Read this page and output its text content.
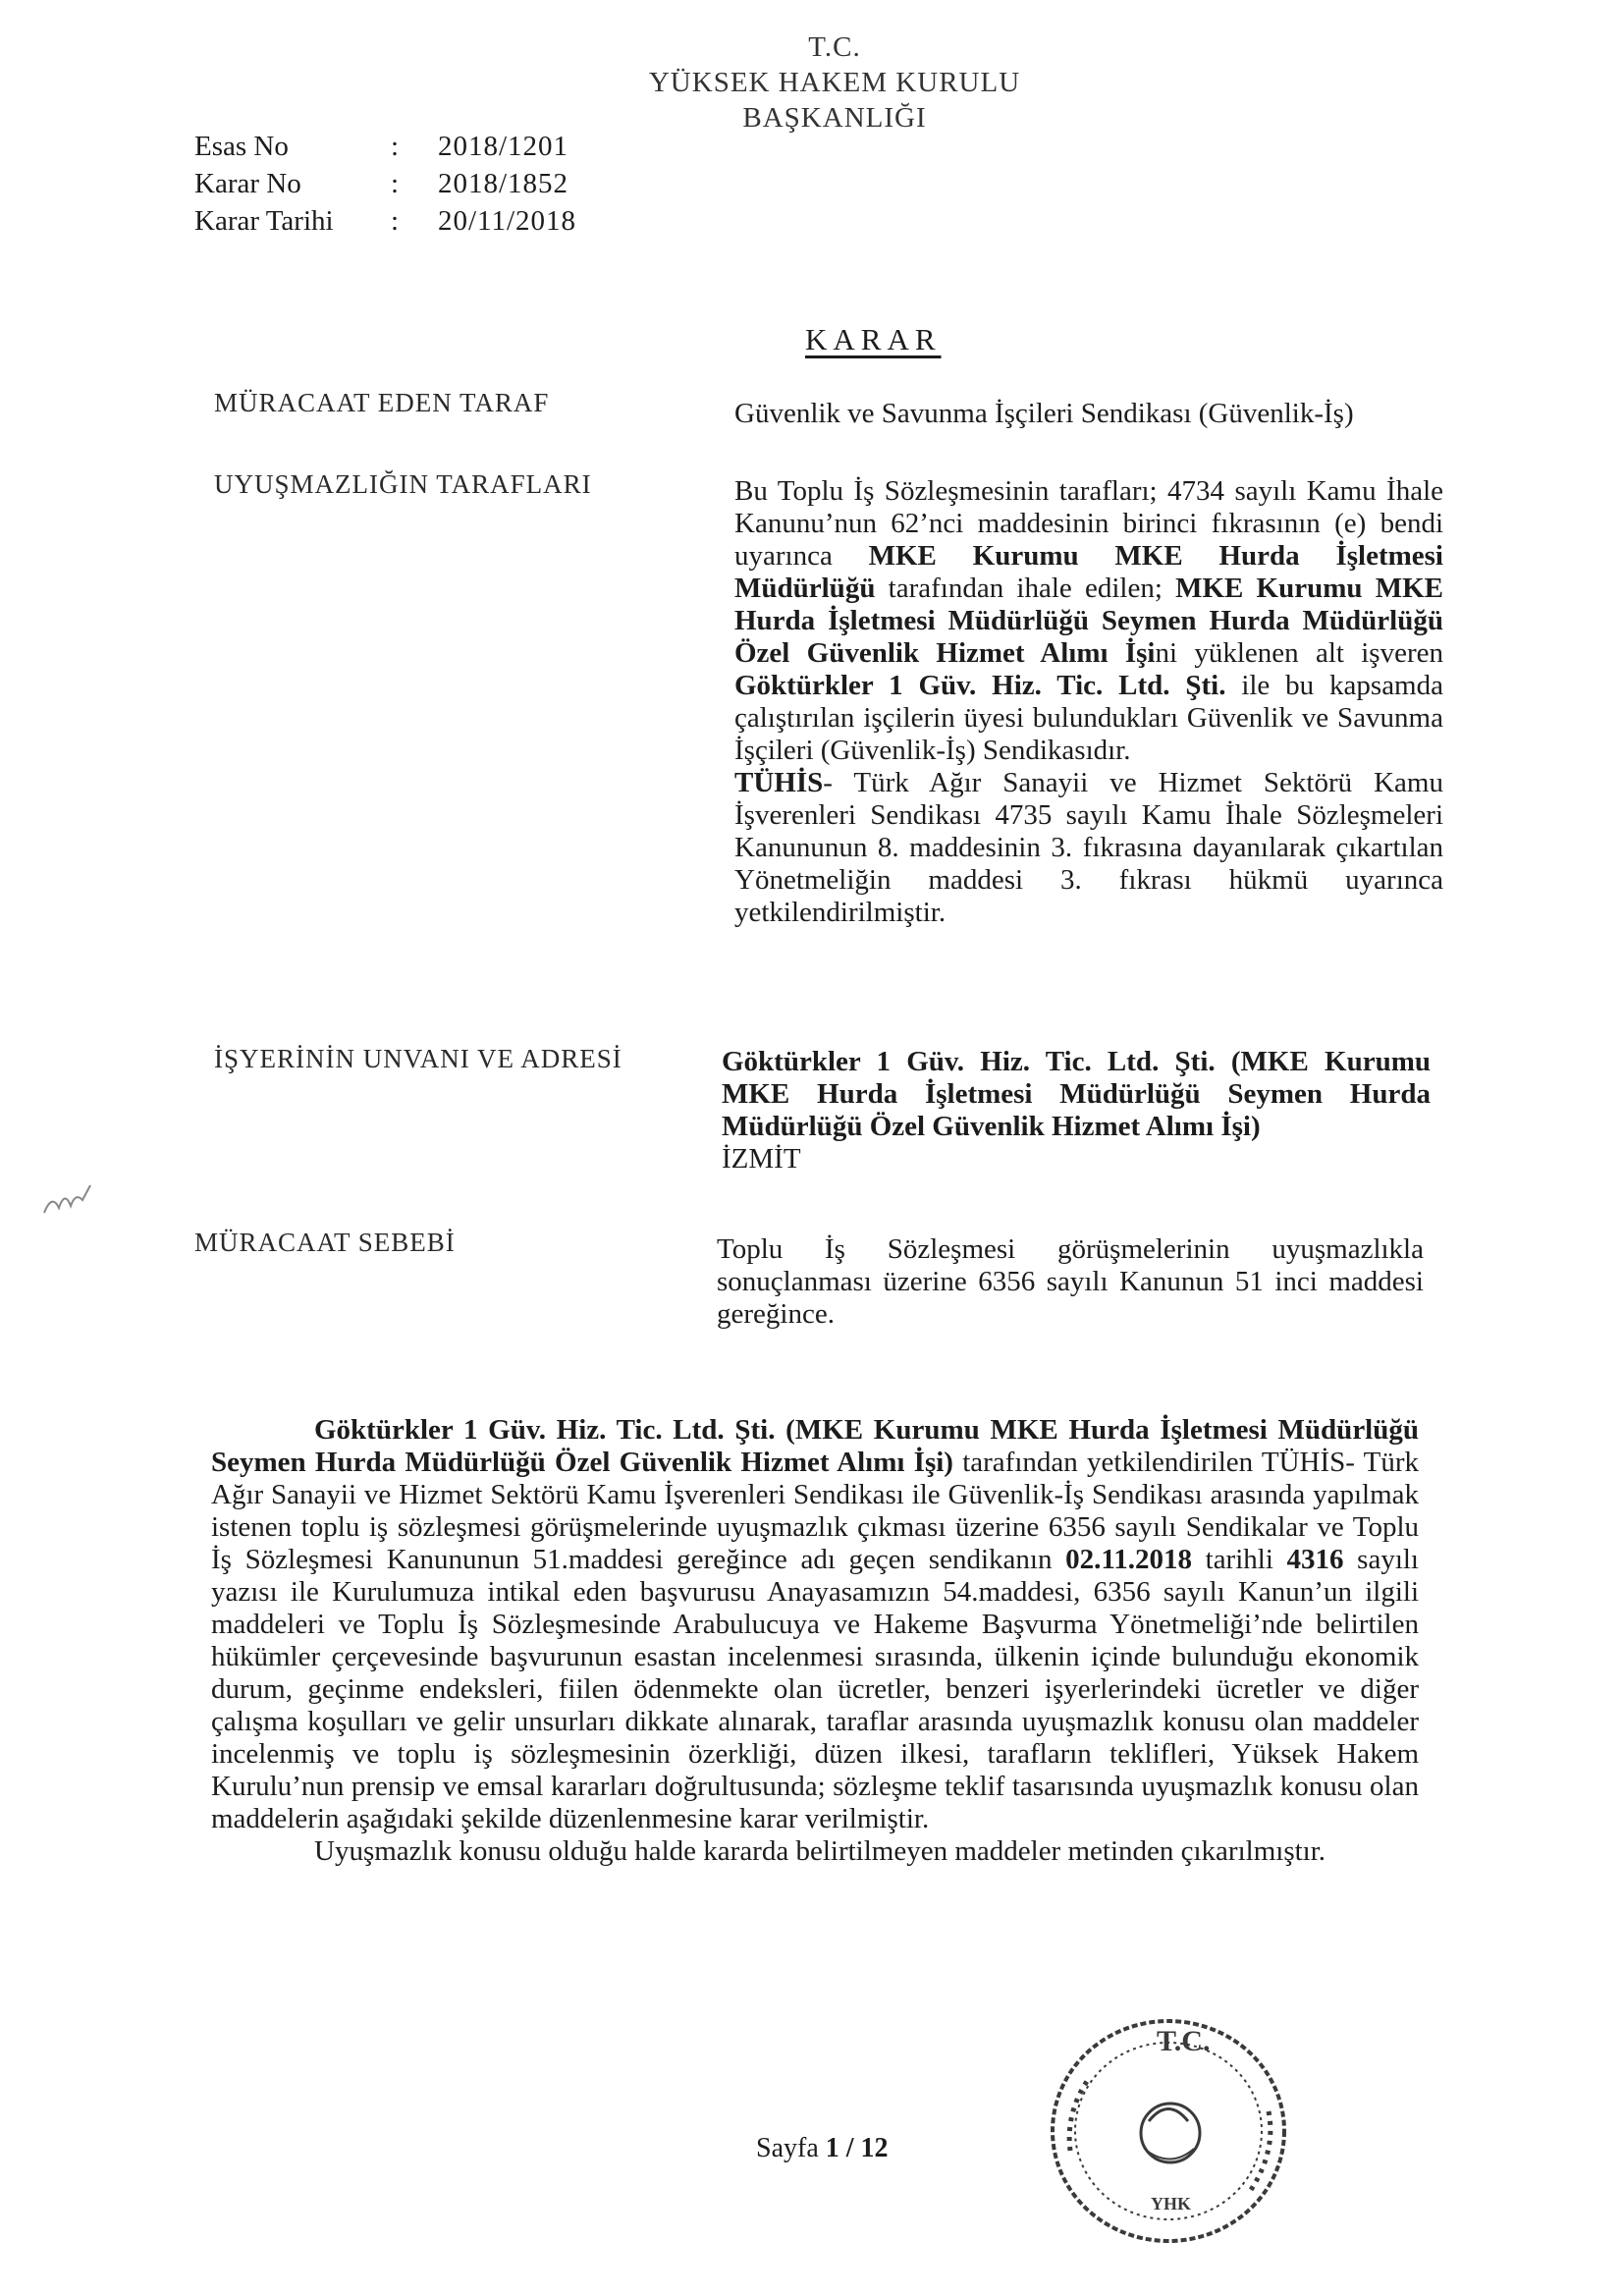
T.C.
YÜKSEK HAKEM KURULU
BAŞKANLIĞI
Esas No	:	2018/1201
Karar No	:	2018/1852
Karar Tarihi	:	20/11/2018
KARAR
MÜRACAAT EDEN TARAF	Güvenlik ve Savunma İşçileri Sendikası (Güvenlik-İş)
UYUŞMAZLIĞIN TARAFLARI	Bu Toplu İş Sözleşmesinin tarafları; 4734 sayılı Kamu İhale Kanunu’nun 62’nci maddesinin birinci fıkrasının (e) bendi uyarınca MKE Kurumu MKE Hurda İşletmesi Müdürlüğü tarafından ihale edilen; MKE Kurumu MKE Hurda İşletmesi Müdürlüğü Seymen Hurda Müdürlüğü Özel Güvenlik Hizmet Alımı İşini yüklenen alt işveren Göktürkler 1 Güv. Hiz. Tic. Ltd. Şti. ile bu kapsamda çalıştırılan işçilerin üyesi bulundukları Güvenlik ve Savunma İşçileri (Güvenlik-İş) Sendikasıdır.

TÜHİS- Türk Ağır Sanayii ve Hizmet Sektörü Kamu İşverenleri Sendikası 4735 sayılı Kamu İhale Sözleşmeleri Kanununun 8. maddesinin 3. fıkrasına dayanılarak çıkartılan Yönetmeliğin maddesi 3. fıkrası hükmü uyarınca yetkilendirilmiştir.

İŞYERİNİN UNVANI VE ADRESİ	Göktürkler 1 Güv. Hiz. Tic. Ltd. Şti. (MKE Kurumu MKE Hurda İşletmesi Müdürlüğü Seymen Hurda Müdürlüğü Özel Güvenlik Hizmet Alımı İşi)

İZMİT

MÜRACAAT SEBEBİ	Toplu İş Sözleşmesi görüşmelerinin uyuşmazlıkla sonuçlanması üzerine 6356 sayılı Kanunun 51 inci maddesi gereğince.

Göktürkler 1 Güv. Hiz. Tic. Ltd. Şti. (MKE Kurumu MKE Hurda İşletmesi Müdürlüğü Seymen Hurda Müdürlüğü Özel Güvenlik Hizmet Alımı İşi) tarafından yetkilendirilen TÜHİS- Türk Ağır Sanayii ve Hizmet Sektörü Kamu İşverenleri Sendikası ile Güvenlik-İş Sendikası arasında yapılmak istenen toplu iş sözleşmesi görüşmelerinde uyuşmazlık çıkması üzerine 6356 sayılı Sendikalar ve Toplu İş Sözleşmesi Kanununun 51.maddesi gereğince adı geçen sendikanın 02.11.2018 tarihli 4316 sayılı yazısı ile Kurulumuza intikal eden başvurusu Anayasamızın 54.maddesi, 6356 sayılı Kanun’un ilgili maddeleri ve Toplu İş Sözleşmesinde Arabulucuya ve Hakeme Başvurma Yönetmeliği’nde belirtilen hükümler çerçevesinde başvurunun esastan incelenmesi sırasında, ülkenin içinde bulunduğu ekonomik durum, geçinme endeksleri, fiilen ödenmekte olan ücretler, benzeri işyerlerindeki ücretler ve diğer çalışma koşulları ve gelir unsurları dikkate alınarak, taraflar arasında uyuşmazlık konusu olan maddeler incelenmiş ve toplu iş sözleşmesinin özerkliği, düzen ilkesi, tarafların teklifleri, Yüksek Hakem Kurulu’nun prensip ve emsal kararları doğrultusunda; sözleşme teklif tasarısında uyuşmazlık konusu olan maddelerin aşağıdaki şekilde düzenlenmesine karar verilmiştir.

Uyuşmazlık konusu olduğu halde kararda belirtilmeyen maddeler metinden çıkarılmıştır.

Sayfa 1 / 12
T.C.
YHK
